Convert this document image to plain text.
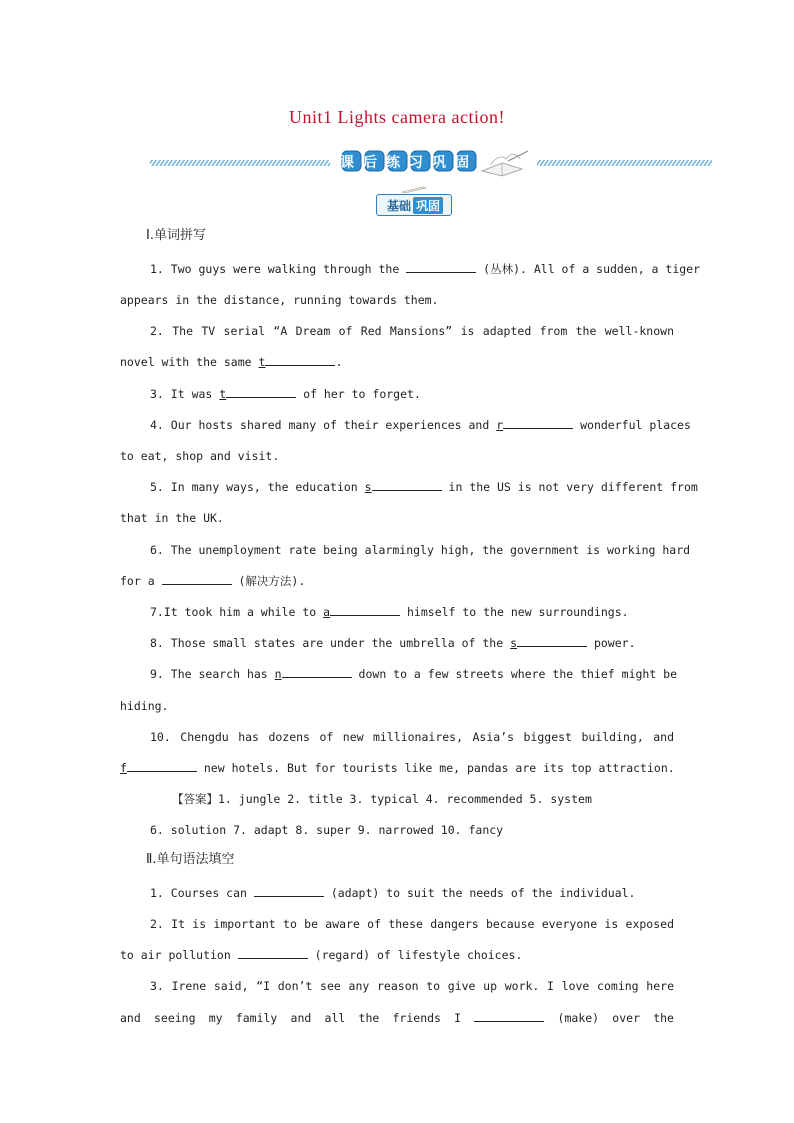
Unit1 Lights camera action!
课后练习巩固
基础 巩固
Ⅰ.单词拼写
1. Two guys were walking through the	(丛林). All of a sudden, a tiger
appears in the distance, running towards them.
2. The TV serial “A Dream of Red Mansions” is adapted from the well-known
novel with the same t	.
3. It was t	of her to forget.
4. Our hosts shared many of their experiences and r	wonderful places
to eat, shop and visit.
5. In many ways, the education s	in the US is not very different from
that in the UK.
6. The unemployment rate being alarmingly high, the government is working hard
for a	(解决方法).
7.It took him a while to a	himself to the new surroundings.
8. Those small states are under the umbrella of the s	power.
9. The search has n	down to a few streets where the thief might be
hiding.
10. Chengdu has dozens of new millionaires, Asia’s biggest building, and
f	new hotels. But for tourists like me, pandas are its top attraction.
【答案】1. jungle 2. title 3. typical 4. recommended 5. system
6. solution 7. adapt 8. super 9. narrowed 10. fancy
Ⅱ.单句语法填空
1. Courses can	(adapt) to suit the needs of the individual.
2. It is important to be aware of these dangers because everyone is exposed
to air pollution	(regard) of lifestyle choices.
3. Irene said, “I don’t see any reason to give up work. I love coming here
and seeing my family and all the friends I	(make) over the
